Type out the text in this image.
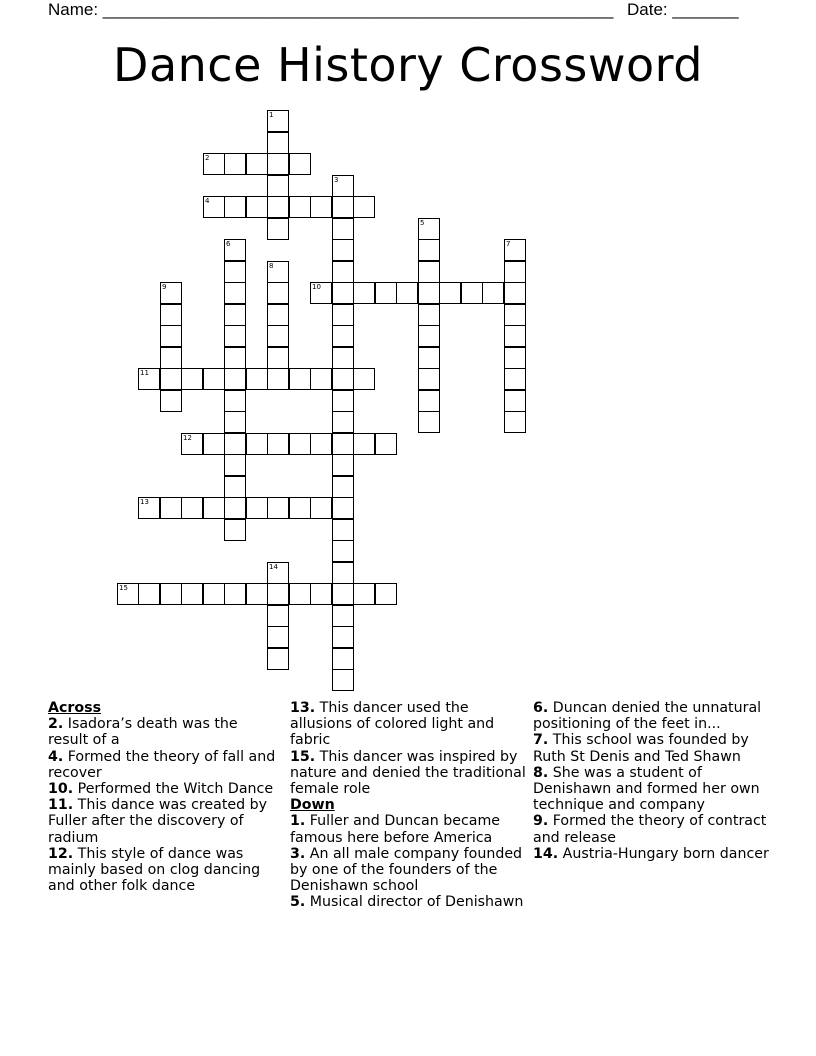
Name: ______________________________________________________ Date: _______
Dance History Crossword
1
2
3
4
5
6	7
8
9	10
11
12
13
14
15
Across
2. Isadora’s death was the result of a
4. Formed the theory of fall and recover
10. Performed the Witch Dance
11. This dance was created by Fuller after the discovery of radium
12. This style of dance was mainly based on clog dancing and other folk dance
13. This dancer used the allusions of colored light and fabric
15. This dancer was inspired by nature and denied the traditional female role
Down
1. Fuller and Duncan became famous here before America
3. An all male company founded by one of the founders of the Denishawn school
5. Musical director of Denishawn
6. Duncan denied the unnatural positioning of the feet in...
7. This school was founded by Ruth St Denis and Ted Shawn
8. She was a student of Denishawn and formed her own technique and company
9. Formed the theory of contract and release
14. Austria-Hungary born dancer
